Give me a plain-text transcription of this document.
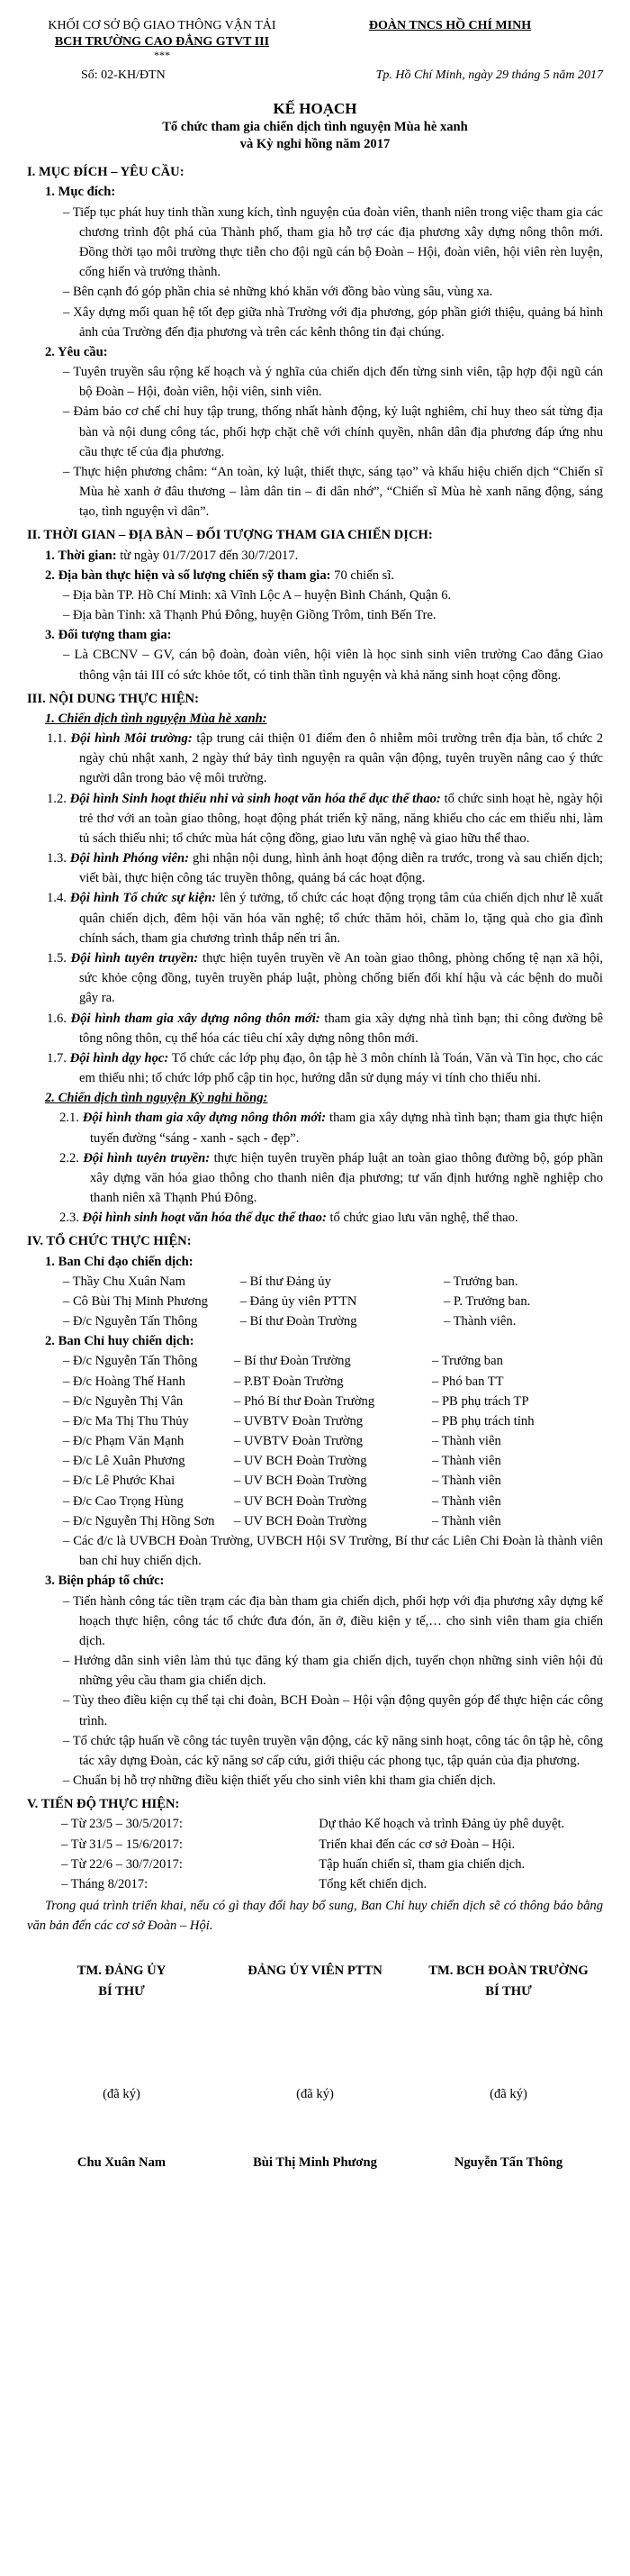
KHỐI CƠ SỞ BỘ GIAO THÔNG VẬN TẢI
BCH TRƯỜNG CAO ĐẲNG GTVT III
***
ĐOÀN TNCS HỒ CHÍ MINH
Số: 02-KH/ĐTN	Tp. Hồ Chí Minh, ngày 29 tháng 5 năm 2017
KẾ HOẠCH
Tổ chức tham gia chiến dịch tình nguyện Mùa hè xanh
và Kỳ nghỉ hồng năm 2017
I. MỤC ĐÍCH – YÊU CẦU:
1. Mục đích:
– Tiếp tục phát huy tinh thần xung kích, tình nguyện của đoàn viên, thanh niên trong việc tham gia các chương trình đột phá của Thành phố, tham gia hỗ trợ các địa phương xây dựng nông thôn mới. Đồng thời tạo môi trường thực tiễn cho đội ngũ cán bộ Đoàn – Hội, đoàn viên, hội viên rèn luyện, cống hiến và trưởng thành.
– Bên cạnh đó góp phần chia sẻ những khó khăn với đồng bào vùng sâu, vùng xa.
– Xây dựng mối quan hệ tốt đẹp giữa nhà Trường với địa phương, góp phần giới thiệu, quảng bá hình ảnh của Trường đến địa phương và trên các kênh thông tin đại chúng.
2. Yêu cầu:
– Tuyên truyền sâu rộng kế hoạch và ý nghĩa của chiến dịch đến từng sinh viên, tập hợp đội ngũ cán bộ Đoàn – Hội, đoàn viên, hội viên, sinh viên.
– Đảm bảo cơ chế chỉ huy tập trung, thống nhất hành động, kỷ luật nghiêm, chỉ huy theo sát từng địa bàn và nội dung công tác, phối hợp chặt chẽ với chính quyền, nhân dân địa phương đáp ứng nhu cầu thực tế của địa phương.
– Thực hiện phương châm: “An toàn, kỷ luật, thiết thực, sáng tạo” và khẩu hiệu chiến dịch “Chiến sĩ Mùa hè xanh ở đâu thương – làm dân tin – đi dân nhớ”, “Chiến sĩ Mùa hè xanh năng động, sáng tạo, tình nguyện vì dân”.
II. THỜI GIAN – ĐỊA BÀN – ĐỐI TƯỢNG THAM GIA CHIẾN DỊCH:
1. Thời gian: từ ngày 01/7/2017 đến 30/7/2017.
2. Địa bàn thực hiện và số lượng chiến sỹ tham gia: 70 chiến sĩ.
– Địa bàn TP. Hồ Chí Minh: xã Vĩnh Lộc A – huyện Bình Chánh, Quận 6.
– Địa bàn Tỉnh: xã Thạnh Phú Đông, huyện Giồng Trôm, tỉnh Bến Tre.
3. Đối tượng tham gia:
– Là CBCNV – GV, cán bộ đoàn, đoàn viên, hội viên là học sinh sinh viên trường Cao đẳng Giao thông vận tải III có sức khỏe tốt, có tinh thần tình nguyện và khả năng sinh hoạt cộng đồng.
III. NỘI DUNG THỰC HIỆN:
1. Chiến dịch tình nguyện Mùa hè xanh:
1.1. Đội hình Môi trường: tập trung cải thiện 01 điểm đen ô nhiễm môi trường trên địa bàn, tổ chức 2 ngày chủ nhật xanh, 2 ngày thứ bảy tình nguyện ra quân vận động, tuyên truyền nâng cao ý thức người dân trong bảo vệ môi trường.
1.2. Đội hình Sinh hoạt thiếu nhi và sinh hoạt văn hóa thể dục thể thao: tổ chức sinh hoạt hè, ngày hội trẻ thơ với an toàn giao thông, hoạt động phát triển kỹ năng, năng khiếu cho các em thiếu nhi, làm tủ sách thiếu nhi; tổ chức mùa hát cộng đồng, giao lưu văn nghệ và giao hữu thể thao.
1.3. Đội hình Phóng viên: ghi nhận nội dung, hình ảnh hoạt động diễn ra trước, trong và sau chiến dịch; viết bài, thực hiện công tác truyền thông, quảng bá các hoạt động.
1.4. Đội hình Tổ chức sự kiện: lên ý tưởng, tổ chức các hoạt động trọng tâm của chiến dịch như lễ xuất quân chiến dịch, đêm hội văn hóa văn nghệ; tổ chức thăm hỏi, chăm lo, tặng quà cho gia đình chính sách, tham gia chương trình thắp nến tri ân.
1.5. Đội hình tuyên truyền: thực hiện tuyên truyền về An toàn giao thông, phòng chống tệ nạn xã hội, sức khỏe cộng đồng, tuyên truyền pháp luật, phòng chống biến đổi khí hậu và các bệnh do muỗi gây ra.
1.6. Đội hình tham gia xây dựng nông thôn mới: tham gia xây dựng nhà tình bạn; thi công đường bê tông nông thôn, cụ thể hóa các tiêu chí xây dựng nông thôn mới.
1.7. Đội hình dạy học: Tổ chức các lớp phụ đạo, ôn tập hè 3 môn chính là Toán, Văn và Tin học, cho các em thiếu nhi; tổ chức lớp phổ cập tin học, hướng dẫn sử dụng máy vi tính cho thiếu nhi.
2. Chiến dịch tình nguyện Kỳ nghỉ hồng:
2.1. Đội hình tham gia xây dựng nông thôn mới: tham gia xây dựng nhà tình bạn; tham gia thực hiện tuyến đường “sáng - xanh - sạch - đẹp”.
2.2. Đội hình tuyên truyền: thực hiện tuyên truyền pháp luật an toàn giao thông đường bộ, góp phần xây dựng văn hóa giao thông cho thanh niên địa phương; tư vấn định hướng nghề nghiệp cho thanh niên xã Thạnh Phú Đông.
2.3. Đội hình sinh hoạt văn hóa thể dục thể thao: tổ chức giao lưu văn nghệ, thể thao.
IV. TỔ CHỨC THỰC HIỆN:
1. Ban Chỉ đạo chiến dịch:
– Thầy Chu Xuân Nam	– Bí thư Đảng ủy	– Trưởng ban.
– Cô Bùi Thị Minh Phương	– Đảng ủy viên PTTN	– P. Trưởng ban.
– Đ/c Nguyễn Tấn Thông	– Bí thư Đoàn Trường	– Thành viên.
2. Ban Chỉ huy chiến dịch:
– Đ/c Nguyễn Tấn Thông	– Bí thư Đoàn Trường	– Trưởng ban
– Đ/c Hoàng Thế Hanh	– P.BT Đoàn Trường	– Phó ban TT
– Đ/c Nguyễn Thị Vân	– Phó Bí thư Đoàn Trường	– PB phụ trách TP
– Đ/c Ma Thị Thu Thủy	– UVBTV Đoàn Trường	– PB phụ trách tỉnh
– Đ/c Phạm Văn Mạnh	– UVBTV Đoàn Trường	– Thành viên
– Đ/c Lê Xuân Phương	– UV BCH Đoàn Trường	– Thành viên
– Đ/c Lê Phước Khai	– UV BCH Đoàn Trường	– Thành viên
– Đ/c Cao Trọng Hùng	– UV BCH Đoàn Trường	– Thành viên
– Đ/c Nguyễn Thị Hồng Sơn	– UV BCH Đoàn Trường	– Thành viên
– Các đ/c là UVBCH Đoàn Trường, UVBCH Hội SV Trường, Bí thư các Liên Chi Đoàn là thành viên ban chỉ huy chiến dịch.
3. Biện pháp tổ chức:
– Tiến hành công tác tiền trạm các địa bàn tham gia chiến dịch, phối hợp với địa phương xây dựng kế hoạch thực hiện, công tác tổ chức đưa đón, ăn ở, điều kiện y tế,… cho sinh viên tham gia chiến dịch.
– Hướng dẫn sinh viên làm thủ tục đăng ký tham gia chiến dịch, tuyển chọn những sinh viên hội đủ những yêu cầu tham gia chiến dịch.
– Tùy theo điều kiện cụ thể tại chi đoàn, BCH Đoàn – Hội vận động quyên góp để thực hiện các công trình.
– Tổ chức tập huấn về công tác tuyên truyền vận động, các kỹ năng sinh hoạt, công tác ôn tập hè, công tác xây dựng Đoàn, các kỹ năng sơ cấp cứu, giới thiệu các phong tục, tập quán của địa phương.
– Chuẩn bị hỗ trợ những điều kiện thiết yếu cho sinh viên khi tham gia chiến dịch.
V. TIẾN ĐỘ THỰC HIỆN:
– Từ 23/5 – 30/5/2017:	Dự thảo Kế hoạch và trình Đảng ủy phê duyệt.
– Từ 31/5 – 15/6/2017:	Triển khai đến các cơ sở Đoàn – Hội.
– Từ 22/6 – 30/7/2017:	Tập huấn chiến sĩ, tham gia chiến dịch.
– Tháng 8/2017:	Tổng kết chiến dịch.
Trong quá trình triển khai, nếu có gì thay đổi hay bổ sung, Ban Chỉ huy chiến dịch sẽ có thông báo bằng văn bản đến các cơ sở Đoàn – Hội.
TM. ĐẢNG ỦY
BÍ THƯ
(đã ký)
Chu Xuân Nam
ĐẢNG ỦY VIÊN PTTN
(đã ký)
Bùi Thị Minh Phương
TM. BCH ĐOÀN TRƯỜNG
BÍ THƯ
(đã ký)
Nguyễn Tấn Thông
